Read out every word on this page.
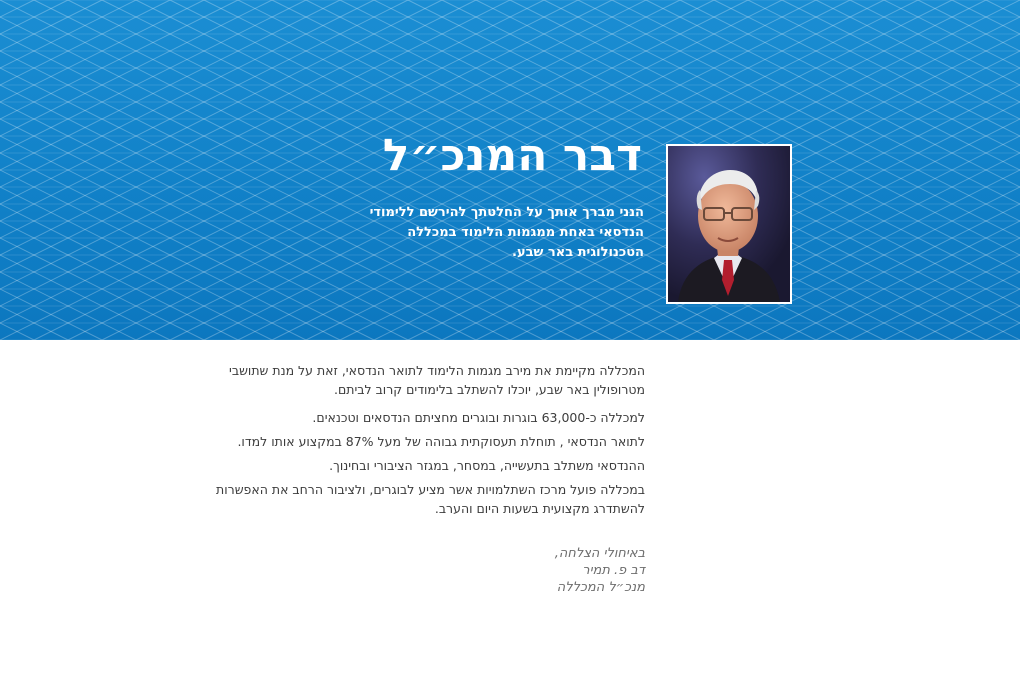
דבר המנכ״ל

הנני מברך אותך על החלטתך להירשם ללימודי הנדסאי באחת ממגמות הלימוד במכללה הטכנולוגית באר שבע.

המכללה מקיימת את מירב מגמות הלימוד לתואר הנדסאי, זאת על מנת שתושבי מטרופולין באר שבע, יוכלו להשתלב בלימודים קרוב לביתם.

למכללה כ-63,000 בוגרות ובוגרים מחציתם הנדסאים וטכנאים.

לתואר הנדסאי , תוחלת תעסוקתית גבוהה של מעל 87% במקצוע אותו למדו.

ההנדסאי משתלב בתעשייה, במסחר, במגזר הציבורי ובחינוך.

במכללה פועל מרכז השתלמויות אשר מציע לבוגרים, ולציבור הרחב את האפשרות להשתדרג מקצועית בשעות היום והערב.

באיחולי הצלחה,
דב פ. תמיר
מנכ״ל המכללה
